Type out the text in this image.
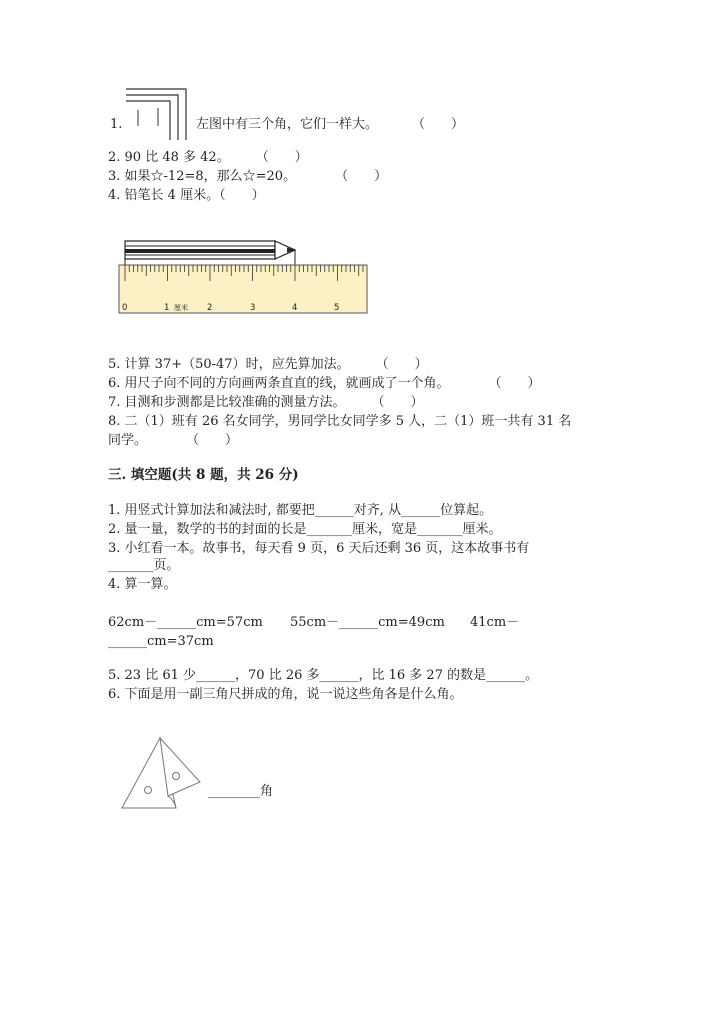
1.	左图中有三个角，它们一样大。	（　　）
2. 90 比 48 多 42。　　　（　　）
3. 如果☆-12=8，那么☆=20。　　　　（　　）
4. 铅笔长 4 厘米。（　　）
0	1 厘米 2	3	4	5
5. 计算 37+（50-47）时，应先算加法。　　　（　　）
6. 用尺子向不同的方向画两条直直的线，就画成了一个角。　　　　（　　）
7. 目测和步测都是比较准确的测量方法。　　　（　　）
8. 二（1）班有 26 名女同学，男同学比女同学多 5 人，二（1）班一共有 31 名
同学。　　　　（　　）
三. 填空题(共 8 题，共 26 分)
1. 用竖式计算加法和减法时, 都要把______对齐, 从______位算起。
2. 量一量，数学的书的封面的长是_______厘米，宽是_______厘米。
3. 小红看一本。故事书，每天看 9 页，6 天后还剩 36 页，这本故事书有
_______页。
4. 算一算。
62cm－______cm=57cm 55cm－______cm=49cm 41cm－
______cm=37cm
5. 23 比 61 少______，70 比 26 多______，比 16 多 27 的数是______。
6. 下面是用一副三角尺拼成的角，说一说这些角各是什么角。
________角
